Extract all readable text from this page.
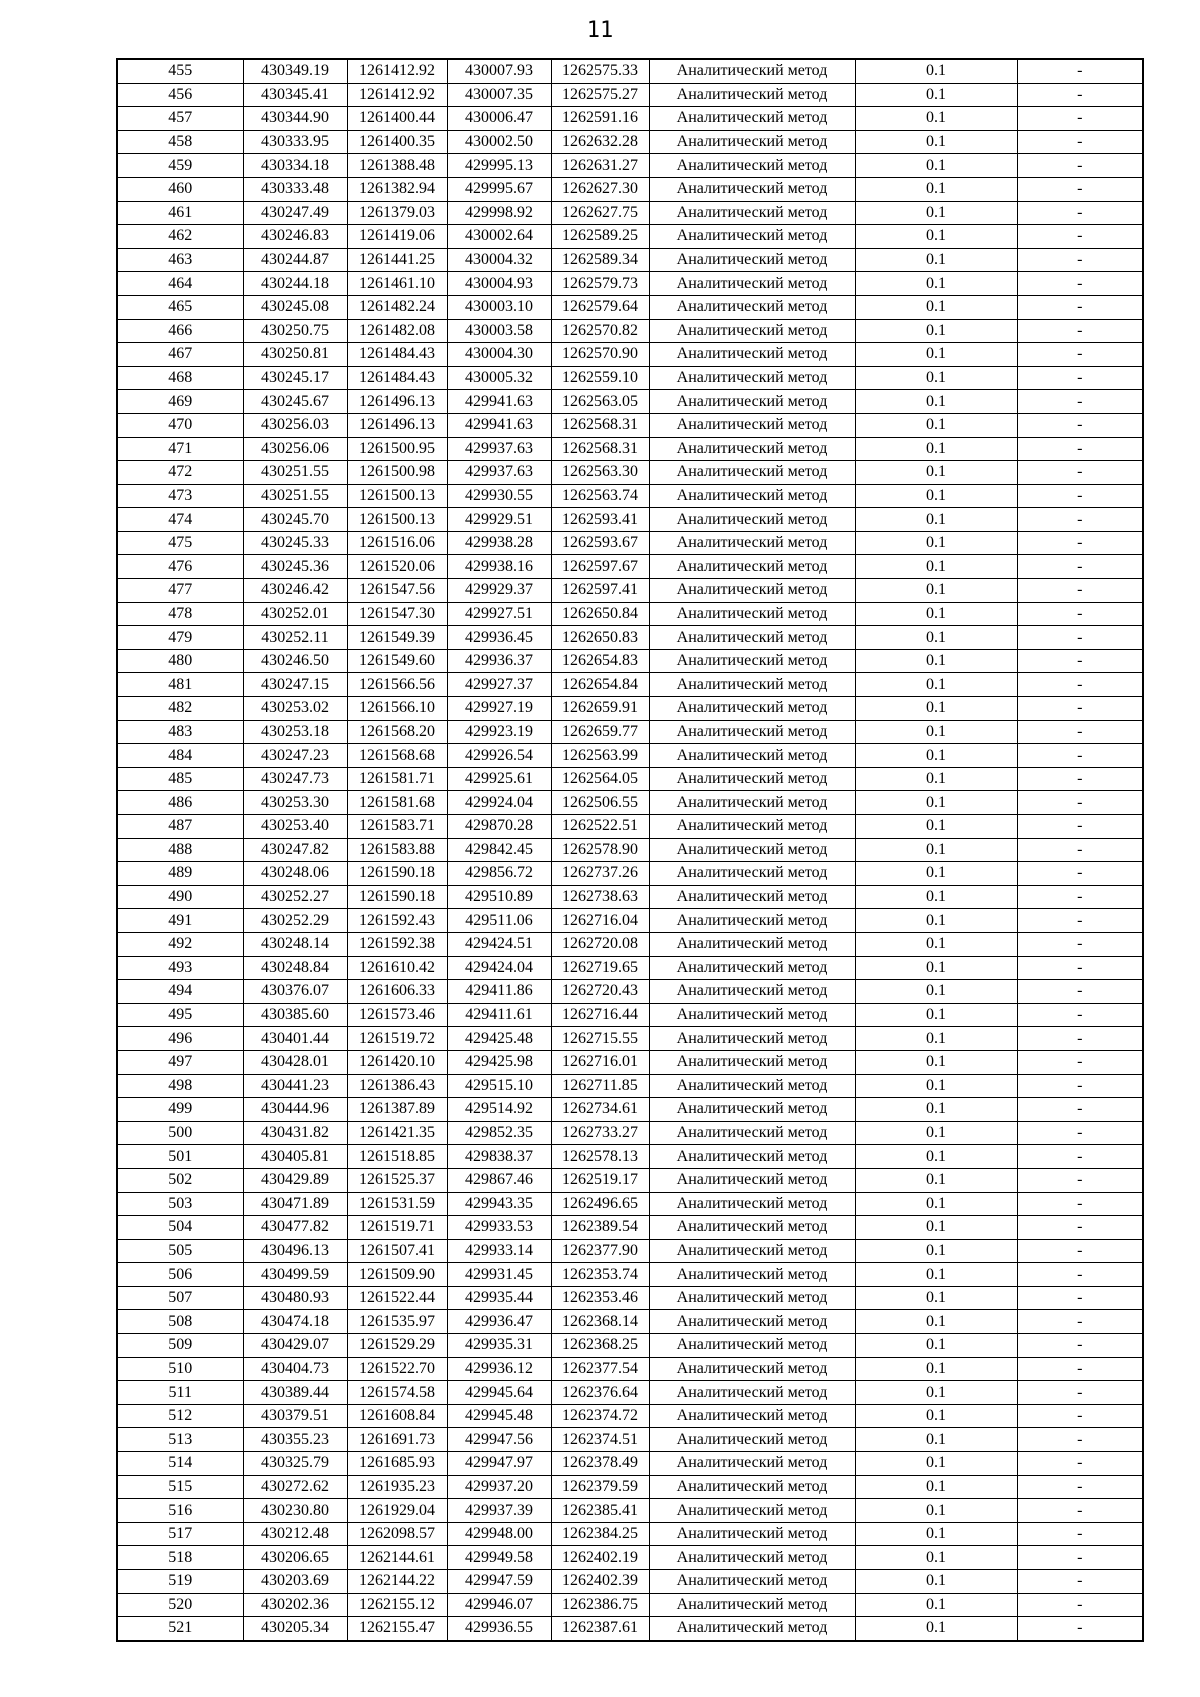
11
455	430349.19	1261412.92	430007.93	1262575.33	Аналитический метод	0.1	-
456	430345.41	1261412.92	430007.35	1262575.27	Аналитический метод	0.1	-
457	430344.90	1261400.44	430006.47	1262591.16	Аналитический метод	0.1	-
458	430333.95	1261400.35	430002.50	1262632.28	Аналитический метод	0.1	-
459	430334.18	1261388.48	429995.13	1262631.27	Аналитический метод	0.1	-
460	430333.48	1261382.94	429995.67	1262627.30	Аналитический метод	0.1	-
461	430247.49	1261379.03	429998.92	1262627.75	Аналитический метод	0.1	-
462	430246.83	1261419.06	430002.64	1262589.25	Аналитический метод	0.1	-
463	430244.87	1261441.25	430004.32	1262589.34	Аналитический метод	0.1	-
464	430244.18	1261461.10	430004.93	1262579.73	Аналитический метод	0.1	-
465	430245.08	1261482.24	430003.10	1262579.64	Аналитический метод	0.1	-
466	430250.75	1261482.08	430003.58	1262570.82	Аналитический метод	0.1	-
467	430250.81	1261484.43	430004.30	1262570.90	Аналитический метод	0.1	-
468	430245.17	1261484.43	430005.32	1262559.10	Аналитический метод	0.1	-
469	430245.67	1261496.13	429941.63	1262563.05	Аналитический метод	0.1	-
470	430256.03	1261496.13	429941.63	1262568.31	Аналитический метод	0.1	-
471	430256.06	1261500.95	429937.63	1262568.31	Аналитический метод	0.1	-
472	430251.55	1261500.98	429937.63	1262563.30	Аналитический метод	0.1	-
473	430251.55	1261500.13	429930.55	1262563.74	Аналитический метод	0.1	-
474	430245.70	1261500.13	429929.51	1262593.41	Аналитический метод	0.1	-
475	430245.33	1261516.06	429938.28	1262593.67	Аналитический метод	0.1	-
476	430245.36	1261520.06	429938.16	1262597.67	Аналитический метод	0.1	-
477	430246.42	1261547.56	429929.37	1262597.41	Аналитический метод	0.1	-
478	430252.01	1261547.30	429927.51	1262650.84	Аналитический метод	0.1	-
479	430252.11	1261549.39	429936.45	1262650.83	Аналитический метод	0.1	-
480	430246.50	1261549.60	429936.37	1262654.83	Аналитический метод	0.1	-
481	430247.15	1261566.56	429927.37	1262654.84	Аналитический метод	0.1	-
482	430253.02	1261566.10	429927.19	1262659.91	Аналитический метод	0.1	-
483	430253.18	1261568.20	429923.19	1262659.77	Аналитический метод	0.1	-
484	430247.23	1261568.68	429926.54	1262563.99	Аналитический метод	0.1	-
485	430247.73	1261581.71	429925.61	1262564.05	Аналитический метод	0.1	-
486	430253.30	1261581.68	429924.04	1262506.55	Аналитический метод	0.1	-
487	430253.40	1261583.71	429870.28	1262522.51	Аналитический метод	0.1	-
488	430247.82	1261583.88	429842.45	1262578.90	Аналитический метод	0.1	-
489	430248.06	1261590.18	429856.72	1262737.26	Аналитический метод	0.1	-
490	430252.27	1261590.18	429510.89	1262738.63	Аналитический метод	0.1	-
491	430252.29	1261592.43	429511.06	1262716.04	Аналитический метод	0.1	-
492	430248.14	1261592.38	429424.51	1262720.08	Аналитический метод	0.1	-
493	430248.84	1261610.42	429424.04	1262719.65	Аналитический метод	0.1	-
494	430376.07	1261606.33	429411.86	1262720.43	Аналитический метод	0.1	-
495	430385.60	1261573.46	429411.61	1262716.44	Аналитический метод	0.1	-
496	430401.44	1261519.72	429425.48	1262715.55	Аналитический метод	0.1	-
497	430428.01	1261420.10	429425.98	1262716.01	Аналитический метод	0.1	-
498	430441.23	1261386.43	429515.10	1262711.85	Аналитический метод	0.1	-
499	430444.96	1261387.89	429514.92	1262734.61	Аналитический метод	0.1	-
500	430431.82	1261421.35	429852.35	1262733.27	Аналитический метод	0.1	-
501	430405.81	1261518.85	429838.37	1262578.13	Аналитический метод	0.1	-
502	430429.89	1261525.37	429867.46	1262519.17	Аналитический метод	0.1	-
503	430471.89	1261531.59	429943.35	1262496.65	Аналитический метод	0.1	-
504	430477.82	1261519.71	429933.53	1262389.54	Аналитический метод	0.1	-
505	430496.13	1261507.41	429933.14	1262377.90	Аналитический метод	0.1	-
506	430499.59	1261509.90	429931.45	1262353.74	Аналитический метод	0.1	-
507	430480.93	1261522.44	429935.44	1262353.46	Аналитический метод	0.1	-
508	430474.18	1261535.97	429936.47	1262368.14	Аналитический метод	0.1	-
509	430429.07	1261529.29	429935.31	1262368.25	Аналитический метод	0.1	-
510	430404.73	1261522.70	429936.12	1262377.54	Аналитический метод	0.1	-
511	430389.44	1261574.58	429945.64	1262376.64	Аналитический метод	0.1	-
512	430379.51	1261608.84	429945.48	1262374.72	Аналитический метод	0.1	-
513	430355.23	1261691.73	429947.56	1262374.51	Аналитический метод	0.1	-
514	430325.79	1261685.93	429947.97	1262378.49	Аналитический метод	0.1	-
515	430272.62	1261935.23	429937.20	1262379.59	Аналитический метод	0.1	-
516	430230.80	1261929.04	429937.39	1262385.41	Аналитический метод	0.1	-
517	430212.48	1262098.57	429948.00	1262384.25	Аналитический метод	0.1	-
518	430206.65	1262144.61	429949.58	1262402.19	Аналитический метод	0.1	-
519	430203.69	1262144.22	429947.59	1262402.39	Аналитический метод	0.1	-
520	430202.36	1262155.12	429946.07	1262386.75	Аналитический метод	0.1	-
521	430205.34	1262155.47	429936.55	1262387.61	Аналитический метод	0.1	-
